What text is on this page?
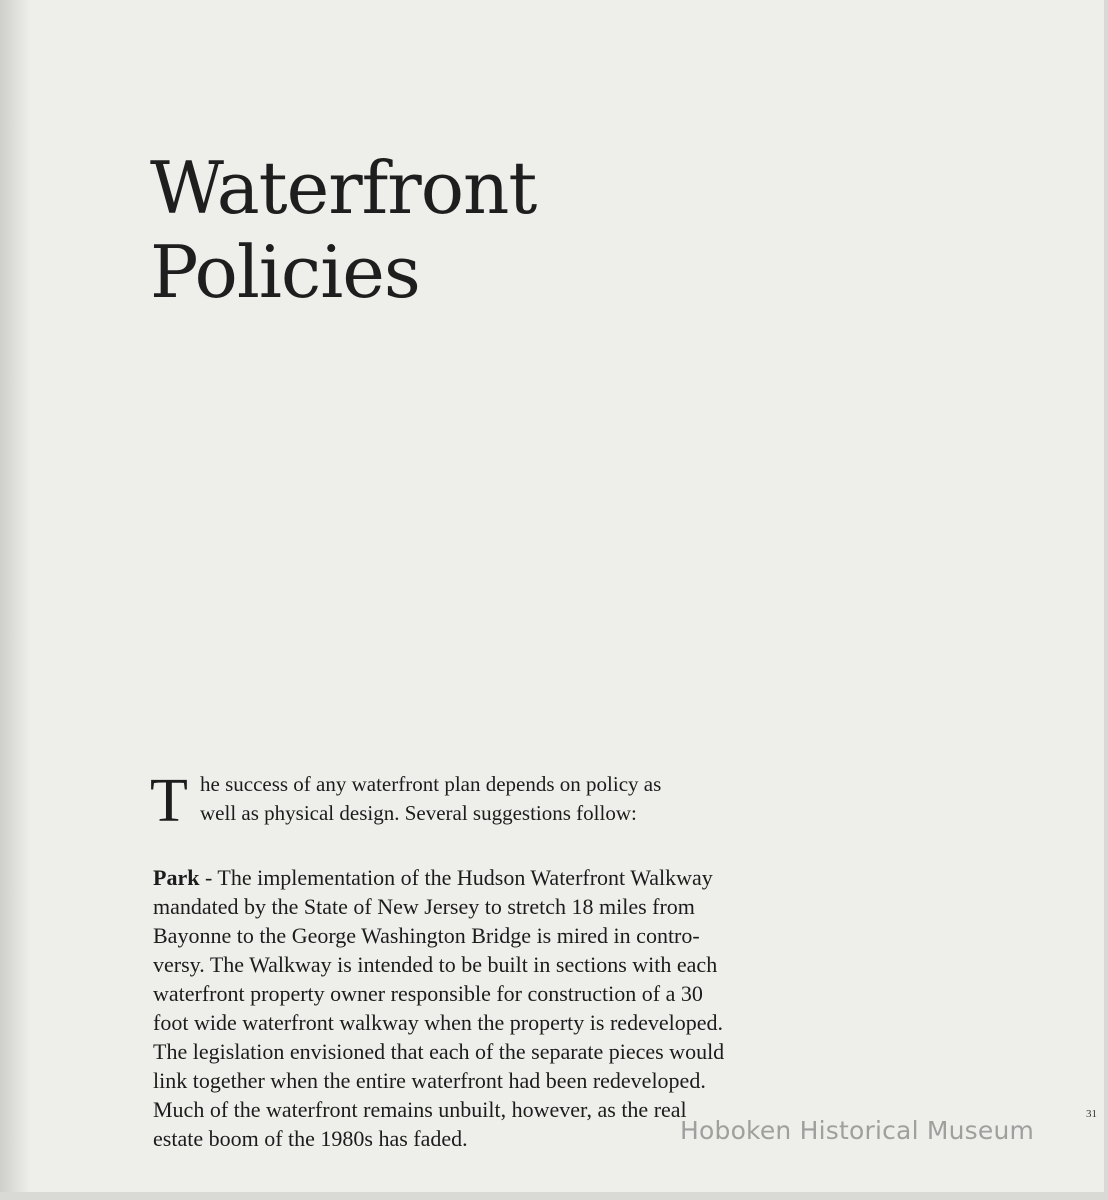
Waterfront
Policies

T he success of any waterfront plan depends on policy as
well as physical design. Several suggestions follow:

Park - The implementation of the Hudson Waterfront Walkway
mandated by the State of New Jersey to stretch 18 miles from
Bayonne to the George Washington Bridge is mired in contro-
versy. The Walkway is intended to be built in sections with each
waterfront property owner responsible for construction of a 30
foot wide waterfront walkway when the property is redeveloped.
The legislation envisioned that each of the separate pieces would
link together when the entire waterfront had been redeveloped.
Much of the waterfront remains unbuilt, however, as the real
estate boom of the 1980s has faded.

31
Hoboken Historical Museum
